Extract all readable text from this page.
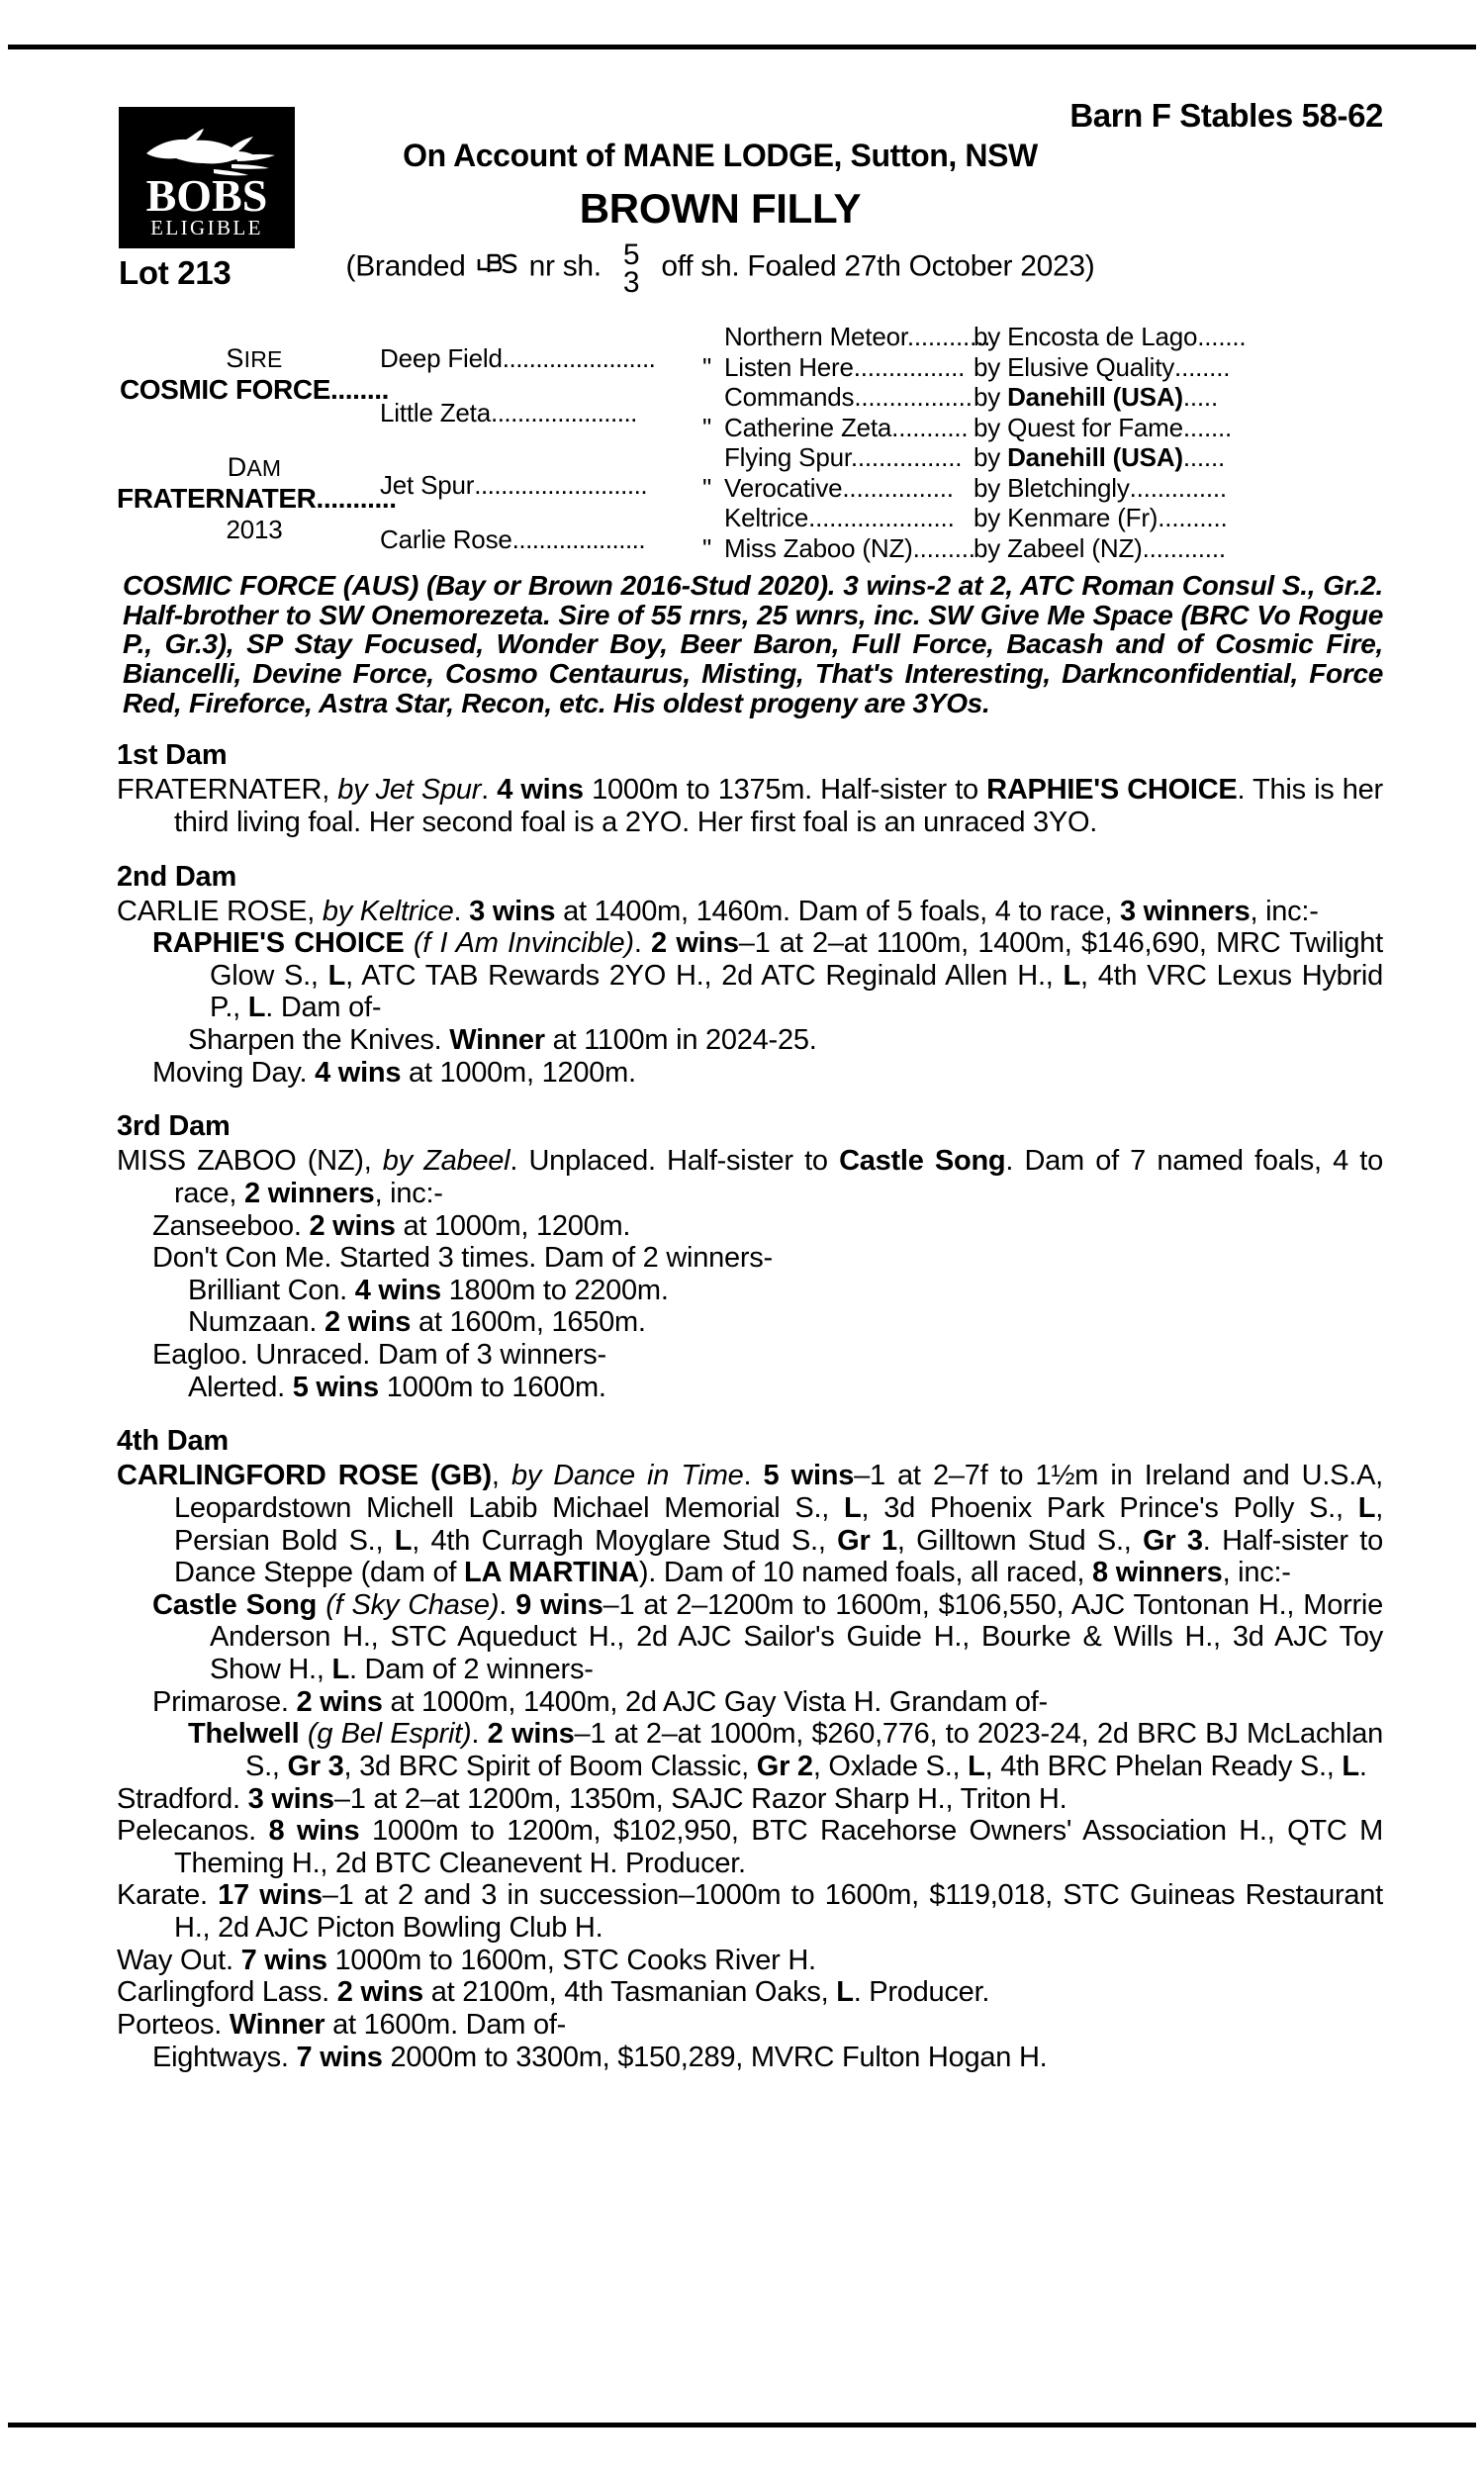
BOBS
ELIGIBLE
Lot 213
Barn F Stables 58-62
On Account of MANE LODGE, Sutton, NSW
BROWN FILLY
(Branded nr sh. 5
3 off sh. Foaled 27th October 2023)
SIRE
COSMIC FORCE........
DAM
FRATERNATER...........
2013
Deep Field.......................
Little Zeta......................
Jet Spur..........................
Carlie Rose....................
Northern Meteor.............by Encosta de Lago.......
" Listen Here................ by Elusive Quality........
Commands.................by Danehill (USA).....
" Catherine Zeta........... by Quest for Fame.......
Flying Spur................ by Danehill (USA)......
" Verocative................ by Bletchingly..............
Keltrice..................... by Kenmare (Fr)..........
" Miss Zaboo (NZ).........by Zabeel (NZ)............
COSMIC FORCE (AUS) (Bay or Brown 2016-Stud 2020). 3 wins-2 at 2, ATC Roman Consul S., Gr.2. Half-brother to SW Onemorezeta. Sire of 55 rnrs, 25 wnrs, inc. SW Give Me Space (BRC Vo Rogue P., Gr.3), SP Stay Focused, Wonder Boy, Beer Baron, Full Force, Bacash and of Cosmic Fire, Biancelli, Devine Force, Cosmo Centaurus, Misting, That's Interesting, Darknconfidential, Force Red, Fireforce, Astra Star, Recon, etc. His oldest progeny are 3YOs.
1st Dam

FRATERNATER, by Jet Spur. 4 wins 1000m to 1375m. Half-sister to RAPHIE'S CHOICE. This is her third living foal. Her second foal is a 2YO. Her first foal is an unraced 3YO.

2nd Dam

CARLIE ROSE, by Keltrice. 3 wins at 1400m, 1460m. Dam of 5 foals, 4 to race, 3 winners, inc:-

RAPHIE'S CHOICE (f I Am Invincible). 2 wins–1 at 2–at 1100m, 1400m, $146,690, MRC Twilight Glow S., L, ATC TAB Rewards 2YO H., 2d ATC Reginald Allen H., L, 4th VRC Lexus Hybrid P., L. Dam of-

Sharpen the Knives. Winner at 1100m in 2024-25.

Moving Day. 4 wins at 1000m, 1200m.

3rd Dam

MISS ZABOO (NZ), by Zabeel. Unplaced. Half-sister to Castle Song. Dam of 7 named foals, 4 to race, 2 winners, inc:-

Zanseeboo. 2 wins at 1000m, 1200m.

Don't Con Me. Started 3 times. Dam of 2 winners-

Brilliant Con. 4 wins 1800m to 2200m.

Numzaan. 2 wins at 1600m, 1650m.

Eagloo. Unraced. Dam of 3 winners-

Alerted. 5 wins 1000m to 1600m.

4th Dam

CARLINGFORD ROSE (GB), by Dance in Time. 5 wins–1 at 2–7f to 1½m in Ireland and U.S.A, Leopardstown Michell Labib Michael Memorial S., L, 3d Phoenix Park Prince's Polly S., L, Persian Bold S., L, 4th Curragh Moyglare Stud S., Gr 1, Gilltown Stud S., Gr 3. Half-sister to Dance Steppe (dam of LA MARTINA). Dam of 10 named foals, all raced, 8 winners, inc:-

Castle Song (f Sky Chase). 9 wins–1 at 2–1200m to 1600m, $106,550, AJC Tontonan H., Morrie Anderson H., STC Aqueduct H., 2d AJC Sailor's Guide H., Bourke & Wills H., 3d AJC Toy Show H., L. Dam of 2 winners-

Primarose. 2 wins at 1000m, 1400m, 2d AJC Gay Vista H. Grandam of-

Thelwell (g Bel Esprit). 2 wins–1 at 2–at 1000m, $260,776, to 2023-24, 2d BRC BJ McLachlan S., Gr 3, 3d BRC Spirit of Boom Classic, Gr 2, Oxlade S., L, 4th BRC Phelan Ready S., L.

Stradford. 3 wins–1 at 2–at 1200m, 1350m, SAJC Razor Sharp H., Triton H.

Pelecanos. 8 wins 1000m to 1200m, $102,950, BTC Racehorse Owners' Association H., QTC M Theming H., 2d BTC Cleanevent H. Producer.

Karate. 17 wins–1 at 2 and 3 in succession–1000m to 1600m, $119,018, STC Guineas Restaurant H., 2d AJC Picton Bowling Club H.

Way Out. 7 wins 1000m to 1600m, STC Cooks River H.

Carlingford Lass. 2 wins at 2100m, 4th Tasmanian Oaks, L. Producer.

Porteos. Winner at 1600m. Dam of-

Eightways. 7 wins 2000m to 3300m, $150,289, MVRC Fulton Hogan H.
